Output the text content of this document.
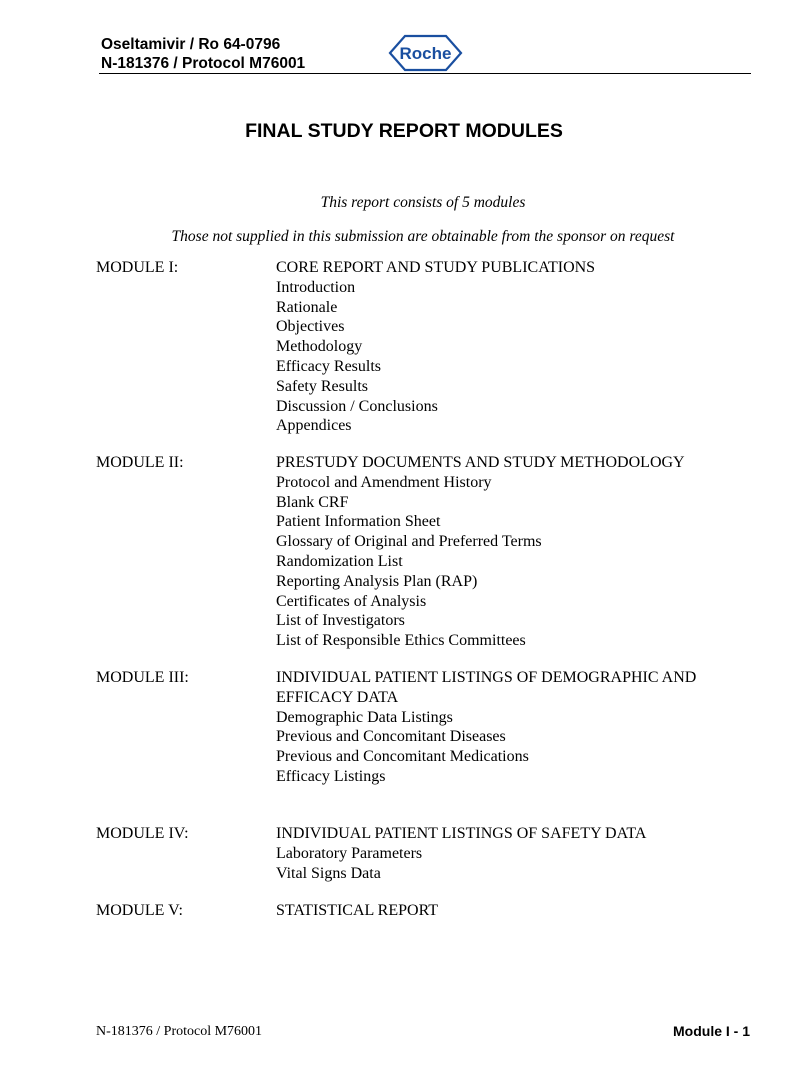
Oseltamivir / Ro 64-0796
N-181376 / Protocol M76001
Roche
FINAL STUDY REPORT MODULES
This report consists of 5 modules
Those not supplied in this submission are obtainable from the sponsor on request
MODULE I:	CORE REPORT AND STUDY PUBLICATIONS
Introduction
Rationale
Objectives
Methodology
Efficacy Results
Safety Results
Discussion / Conclusions
Appendices
MODULE II:	PRESTUDY DOCUMENTS AND STUDY METHODOLOGY
Protocol and Amendment History
Blank CRF
Patient Information Sheet
Glossary of Original and Preferred Terms
Randomization List
Reporting Analysis Plan (RAP)
Certificates of Analysis
List of Investigators
List of Responsible Ethics Committees
MODULE III:	INDIVIDUAL PATIENT LISTINGS OF DEMOGRAPHIC AND EFFICACY DATA
Demographic Data Listings
Previous and Concomitant Diseases
Previous and Concomitant Medications
Efficacy Listings
MODULE IV:	INDIVIDUAL PATIENT LISTINGS OF SAFETY DATA
Laboratory Parameters
Vital Signs Data
MODULE V:	STATISTICAL REPORT
N-181376 / Protocol M76001	Module I - 1
